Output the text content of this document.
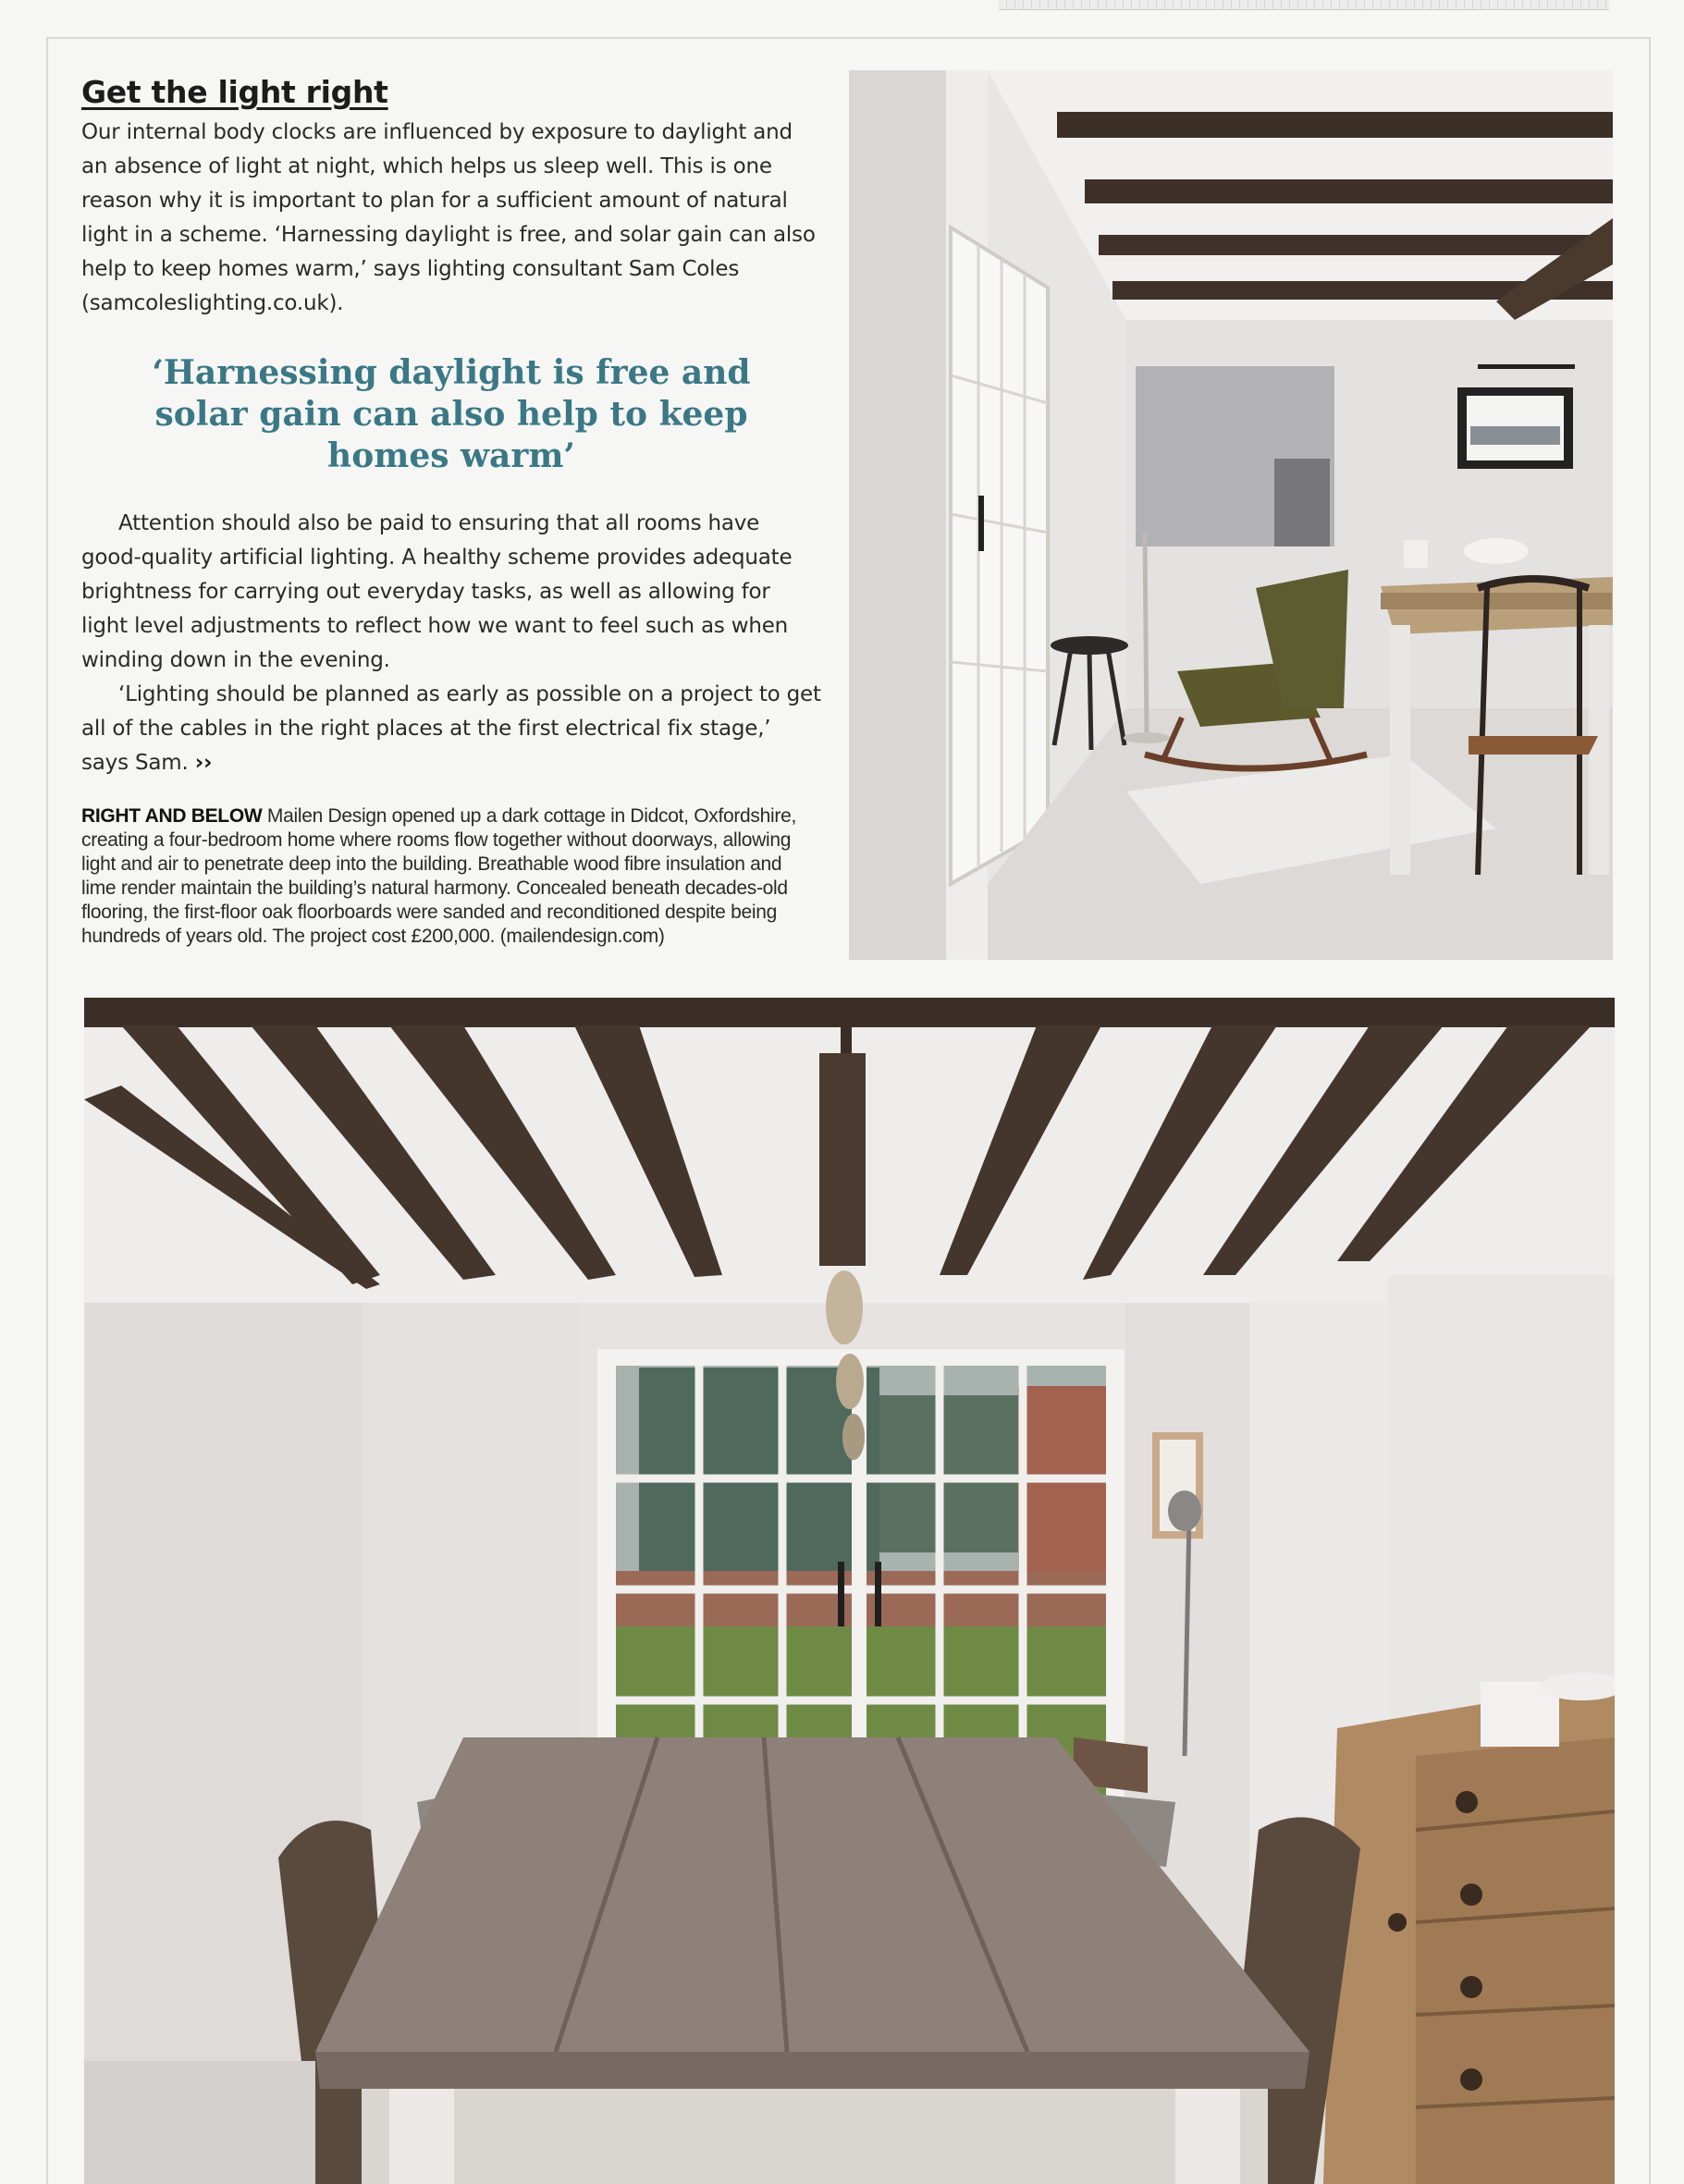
Get the light right

Our internal body clocks are influenced by exposure to daylight and an absence of light at night, which helps us sleep well. This is one reason why it is important to plan for a sufficient amount of natural light in a scheme. ‘Harnessing daylight is free, and solar gain can also help to keep homes warm,’ says lighting consultant Sam Coles (samcoleslighting.co.uk).

‘Harnessing daylight is free and solar gain can also help to keep homes warm’

Attention should also be paid to ensuring that all rooms have good-quality artificial lighting. A healthy scheme provides adequate brightness for carrying out everyday tasks, as well as allowing for light level adjustments to reflect how we want to feel such as when winding down in the evening.

‘Lighting should be planned as early as possible on a project to get all of the cables in the right places at the first electrical fix stage,’ says Sam. ››

RIGHT AND BELOW Mailen Design opened up a dark cottage in Didcot, Oxfordshire, creating a four-bedroom home where rooms flow together without doorways, allowing light and air to penetrate deep into the building. Breathable wood fibre insulation and lime render maintain the building’s natural harmony. Concealed beneath decades-old flooring, the first-floor oak floorboards were sanded and reconditioned despite being hundreds of years old. The project cost £200,000. (mailendesign.com)
